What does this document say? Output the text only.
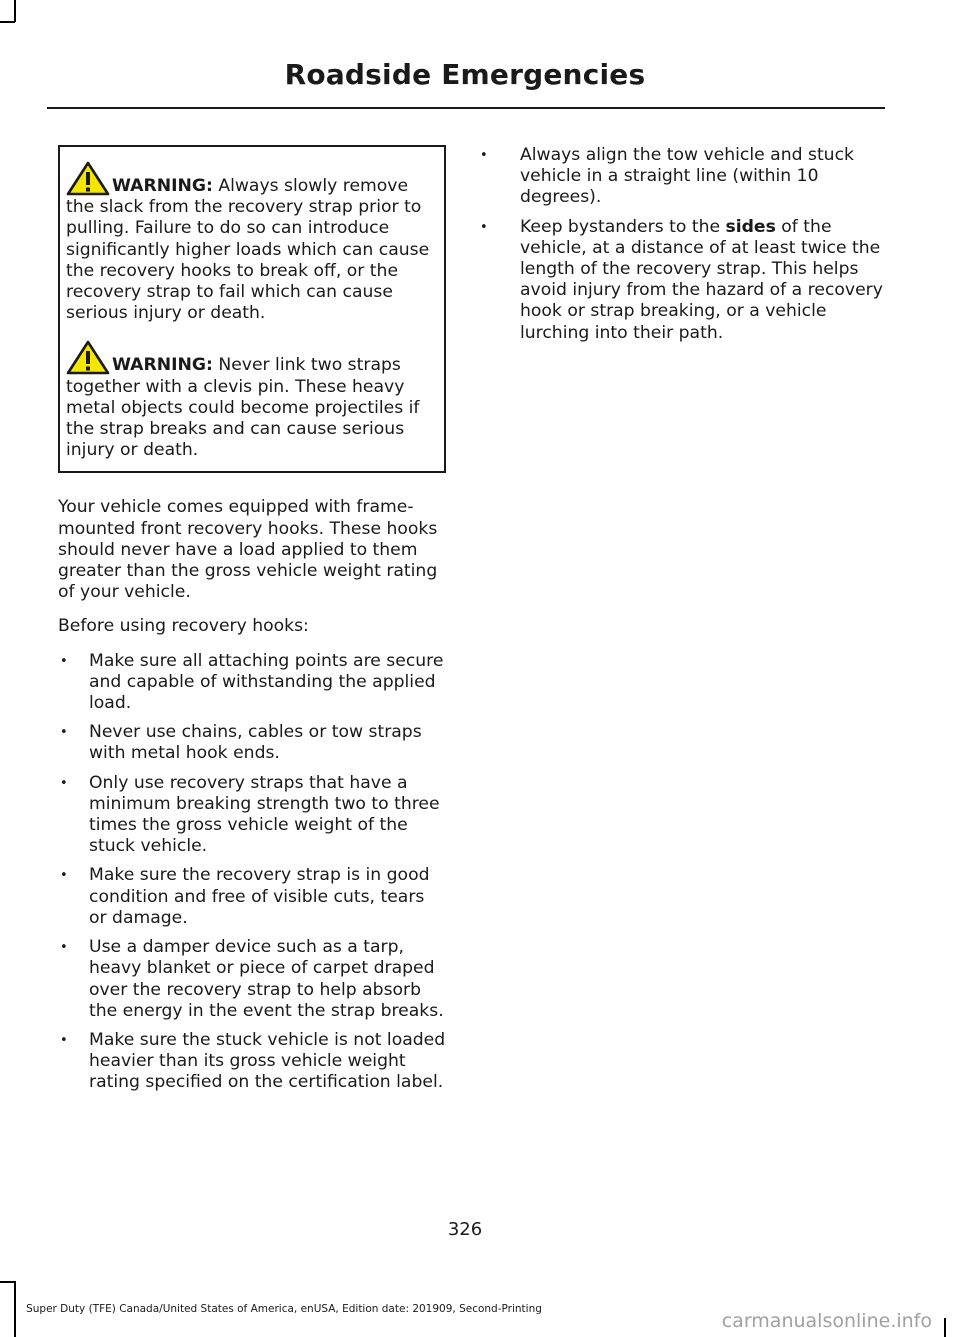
Roadside Emergencies

WARNING: Always slowly remove the slack from the recovery strap prior to pulling. Failure to do so can introduce significantly higher loads which can cause the recovery hooks to break off, or the recovery strap to fail which can cause serious injury or death.

WARNING: Never link two straps together with a clevis pin. These heavy metal objects could become projectiles if the strap breaks and can cause serious injury or death.

Your vehicle comes equipped with frame-mounted front recovery hooks. These hooks should never have a load applied to them greater than the gross vehicle weight rating of your vehicle.

Before using recovery hooks:

• Make sure all attaching points are secure and capable of withstanding the applied load.
• Never use chains, cables or tow straps with metal hook ends.
• Only use recovery straps that have a minimum breaking strength two to three times the gross vehicle weight of the stuck vehicle.
• Make sure the recovery strap is in good condition and free of visible cuts, tears or damage.
• Use a damper device such as a tarp, heavy blanket or piece of carpet draped over the recovery strap to help absorb the energy in the event the strap breaks.
• Make sure the stuck vehicle is not loaded heavier than its gross vehicle weight rating specified on the certification label.
• Always align the tow vehicle and stuck vehicle in a straight line (within 10 degrees).
• Keep bystanders to the sides of the vehicle, at a distance of at least twice the length of the recovery strap. This helps avoid injury from the hazard of a recovery hook or strap breaking, or a vehicle lurching into their path.
326
Super Duty (TFE) Canada/United States of America, enUSA, Edition date: 201909, Second-Printing
carmanualsonline.info
